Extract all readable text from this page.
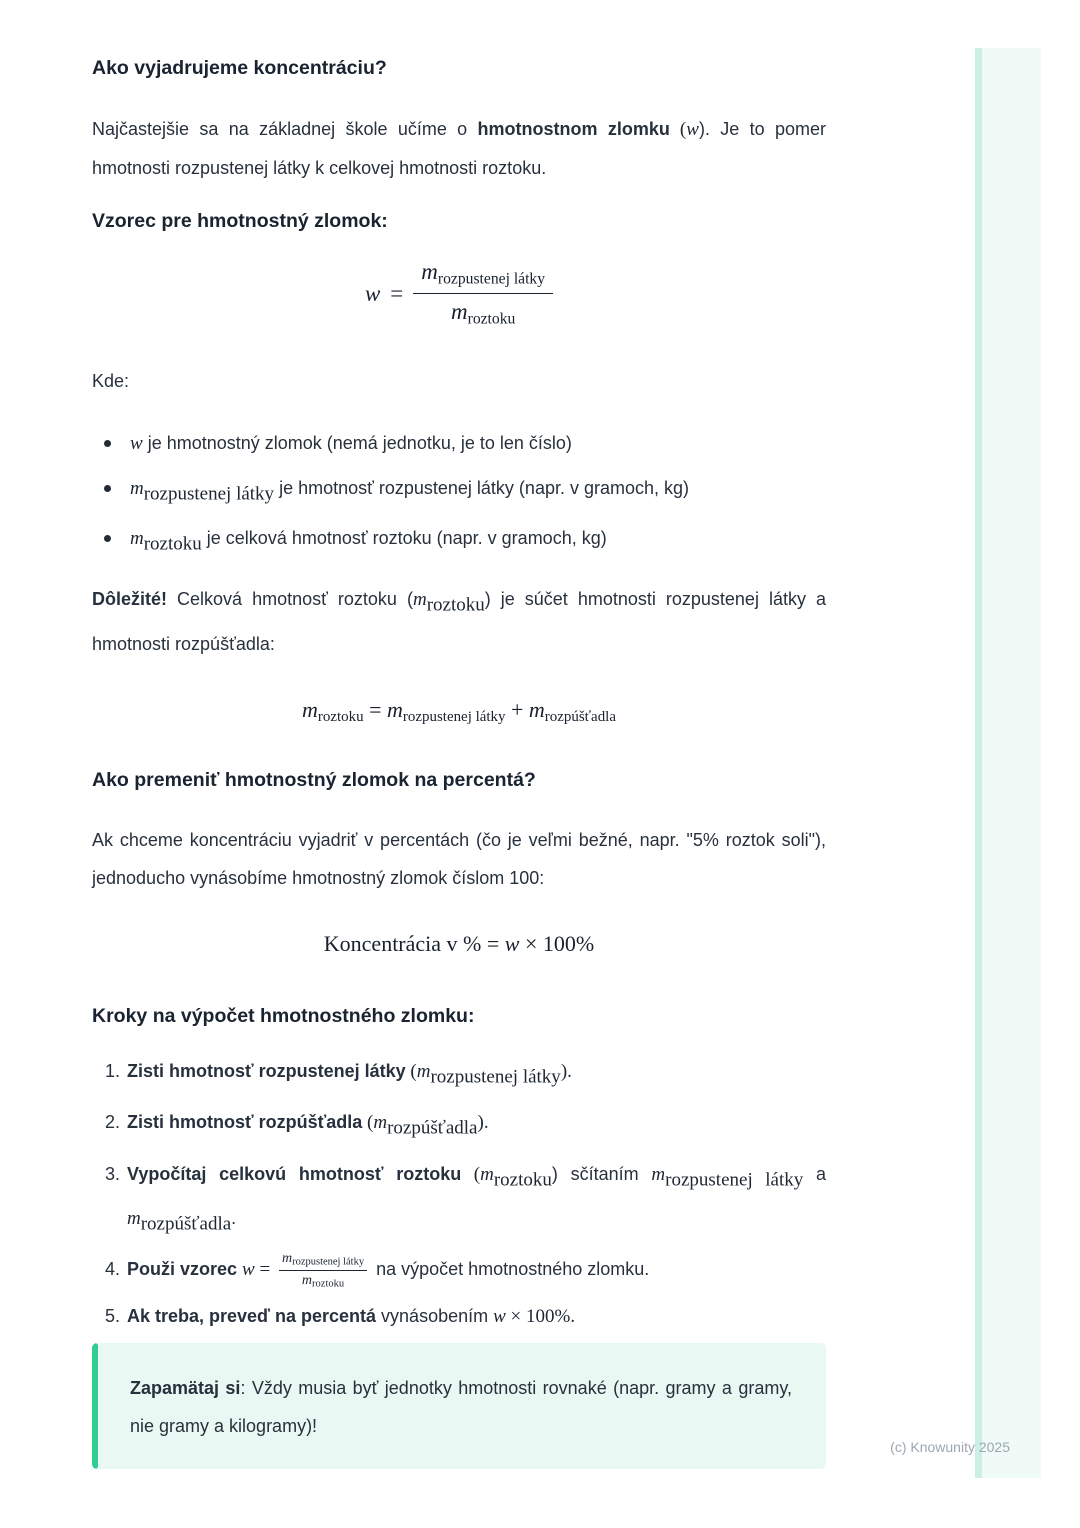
Ako vyjadrujeme koncentráciu?

Najčastejšie sa na základnej škole učíme o hmotnostnom zlomku (w). Je to pomer hmotnosti rozpustenej látky k celkovej hmotnosti roztoku.

Vzorec pre hmotnostný zlomok:
$w = \frac{\text{mrozpustenej látky}}{\text{mroztoku}}$
Kde:
w je hmotnostný zlomok (nemá jednotku, je to len číslo)
mrozpustenej látky je hmotnosť rozpustenej látky (napr. v gramoch, kg)
mroztoku je celková hmotnosť roztoku (napr. v gramoch, kg)

Dôležité! Celková hmotnosť roztoku (mroztoku) je súčet hmotnosti rozpustenej látky a hmotnosti rozpúšťadla:

mroztoku = mrozpustenej látky + mrozpúšťadla
Ako premeniť hmotnostný zlomok na percentá?

Ak chceme koncentráciu vyjadriť v percentách (čo je veľmi bežné, napr. "5% roztok soli"), jednoducho vynásobíme hmotnostný zlomok číslom 100:

Koncentrácia v % = w × 100%
Kroky na výpočet hmotnostného zlomku:
1. Zisti hmotnosť rozpustenej látky (mrozpustenej látky).
2. Zisti hmotnosť rozpúšťadla (mrozpúšťadla).
3. Vypočítaj celkovú hmotnosť roztoku (mroztoku) sčítaním mrozpustenej látky a mrozpúšťadla.
4. Použi vzorec w =
mrozpustenej látky
mroztoku
na výpočet hmotnostného zlomku.
5. Ak treba, preveď na percentá vynásobením w × 100%.
Zapamätaj si: Vždy musia byť jednotky hmotnosti rovnaké (napr. gramy a gramy, nie gramy a kilogramy)!
(c) Knowunity 2025
